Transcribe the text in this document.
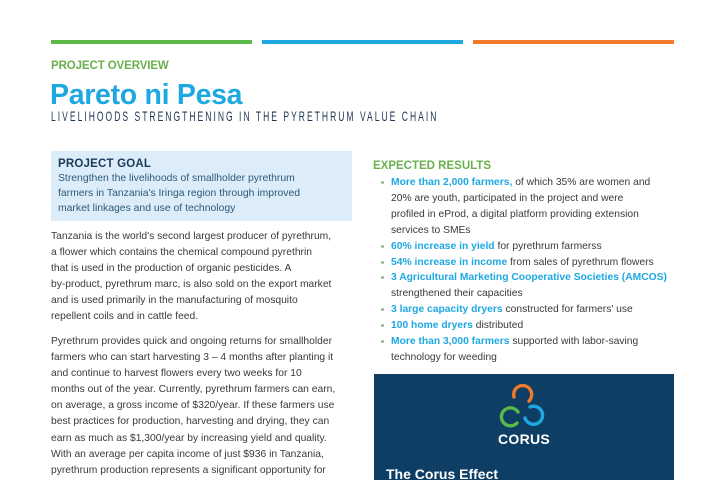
PROJECT OVERVIEW
Pareto ni Pesa
LIVELIHOODS STRENGTHENING IN THE PYRETHRUM VALUE CHAIN
PROJECT GOAL
Strengthen the livelihoods of smallholder pyrethrum
farmers in Tanzania's Iringa region through improved
market linkages and use of technology
Tanzania is the world's second largest producer of pyrethrum,
a flower which contains the chemical compound pyrethrin
that is used in the production of organic pesticides. A
by-product, pyrethrum marc, is also sold on the export market
and is used primarily in the manufacturing of mosquito
repellent coils and in cattle feed.
Pyrethrum provides quick and ongoing returns for smallholder
farmers who can start harvesting 3 – 4 months after planting it
and continue to harvest flowers every two weeks for 10
months out of the year. Currently, pyrethrum farmers can earn,
on average, a gross income of $320/year. If these farmers use
best practices for production, harvesting and drying, they can
earn as much as $1,300/year by increasing yield and quality.
With an average per capita income of just $936 in Tanzania,
pyrethrum production represents a significant opportunity for
EXPECTED RESULTS
More than 2,000 farmers, of which 35% are women and
20% are youth, participated in the project and were
profiled in eProd, a digital platform providing extension
services to SMEs
60% increase in yield for pyrethrum farmerss
54% increase in income from sales of pyrethrum flowers
3 Agricultural Marketing Cooperative Societies (AMCOS)
strengthened their capacities
3 large capacity dryers constructed for farmers' use
100 home dryers distributed
More than 3,000 farmers supported with labor-saving
technology for weeding
CORUS
The Corus Effect
